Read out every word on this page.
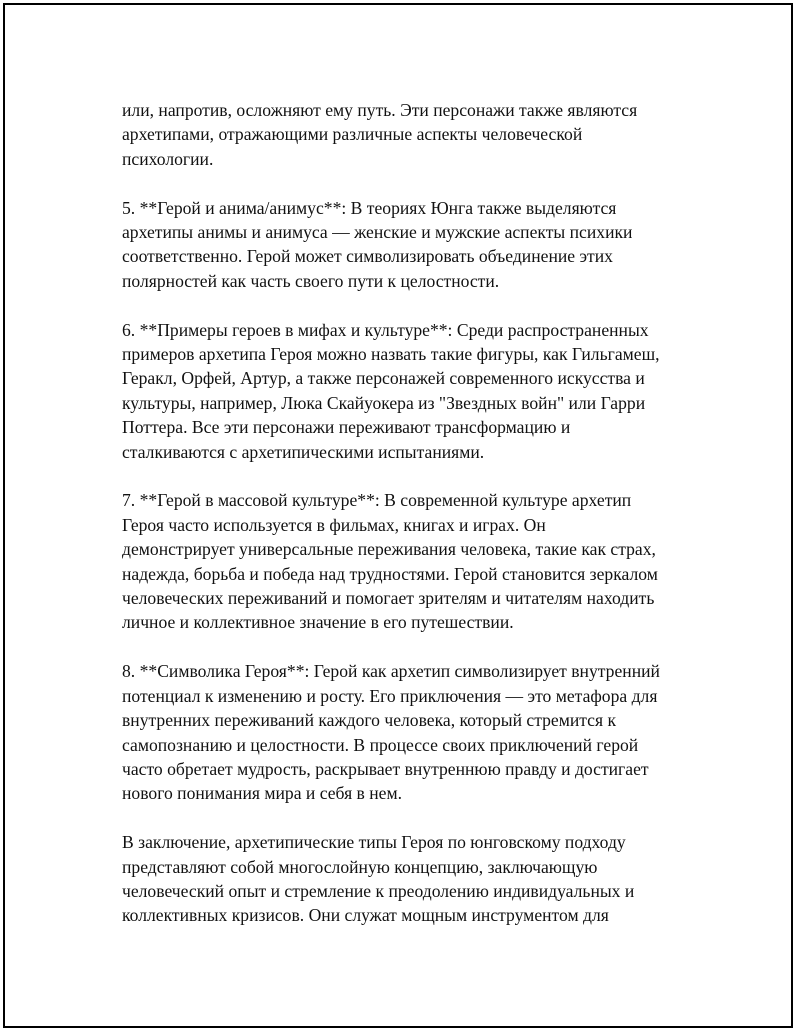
или, напротив, осложняют ему путь. Эти персонажи также являются
архетипами, отражающими различные аспекты человеческой
психологии.

5. **Герой и анима/анимус**: В теориях Юнга также выделяются
архетипы анимы и анимуса — женские и мужские аспекты психики
соответственно. Герой может символизировать объединение этих
полярностей как часть своего пути к целостности.

6. **Примеры героев в мифах и культуре**: Среди распространенных
примеров архетипа Героя можно назвать такие фигуры, как Гильгамеш,
Геракл, Орфей, Артур, а также персонажей современного искусства и
культуры, например, Люка Скайуокера из "Звездных войн" или Гарри
Поттера. Все эти персонажи переживают трансформацию и
сталкиваются с архетипическими испытаниями.

7. **Герой в массовой культуре**: В современной культуре архетип
Героя часто используется в фильмах, книгах и играх. Он
демонстрирует универсальные переживания человека, такие как страх,
надежда, борьба и победа над трудностями. Герой становится зеркалом
человеческих переживаний и помогает зрителям и читателям находить
личное и коллективное значение в его путешествии.

8. **Символика Героя**: Герой как архетип символизирует внутренний
потенциал к изменению и росту. Его приключения — это метафора для
внутренних переживаний каждого человека, который стремится к
самопознанию и целостности. В процессе своих приключений герой
часто обретает мудрость, раскрывает внутреннюю правду и достигает
нового понимания мира и себя в нем.

В заключение, архетипические типы Героя по юнговскому подходу
представляют собой многослойную концепцию, заключающую
человеческий опыт и стремление к преодолению индивидуальных и
коллективных кризисов. Они служат мощным инструментом для
